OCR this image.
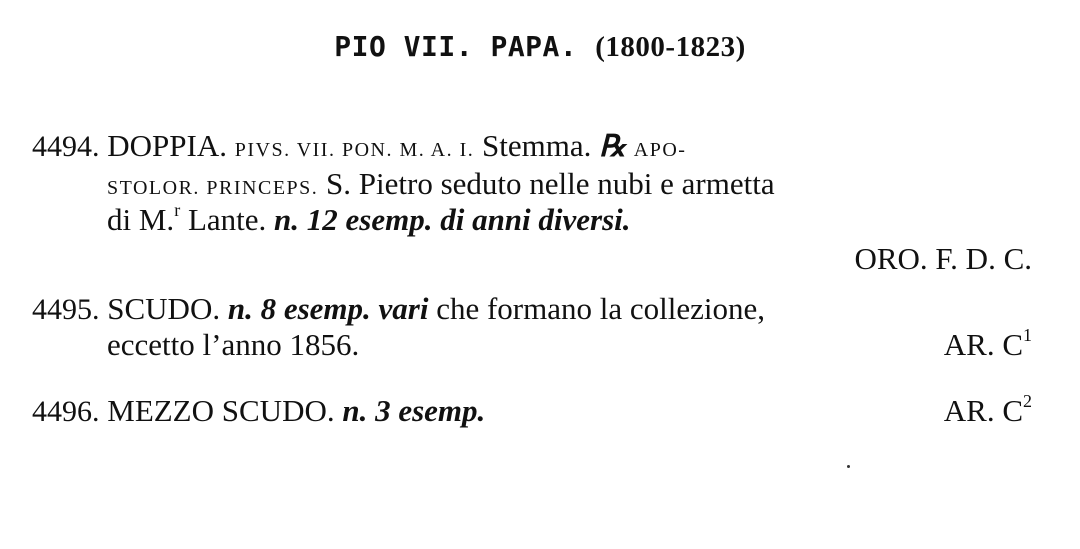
PIO VII. PAPA. (1800-1823)
4494. DOPPIA. PIVS. VII. PON. M. A. I. Stemma. ℞ APO-
STOLOR. PRINCEPS. S. Pietro seduto nelle nubi e armetta
di M.$^r$ Lante. n. 12 esemp. di anni diversi.
ORO. F. D. C.
4495. SCUDO. n. 8 esemp. vari che formano la collezione,
eccetto l’anno 1856.	AR. $C^1$
4496. MEZZO SCUDO. n. 3 esemp.	AR. $C^2$
